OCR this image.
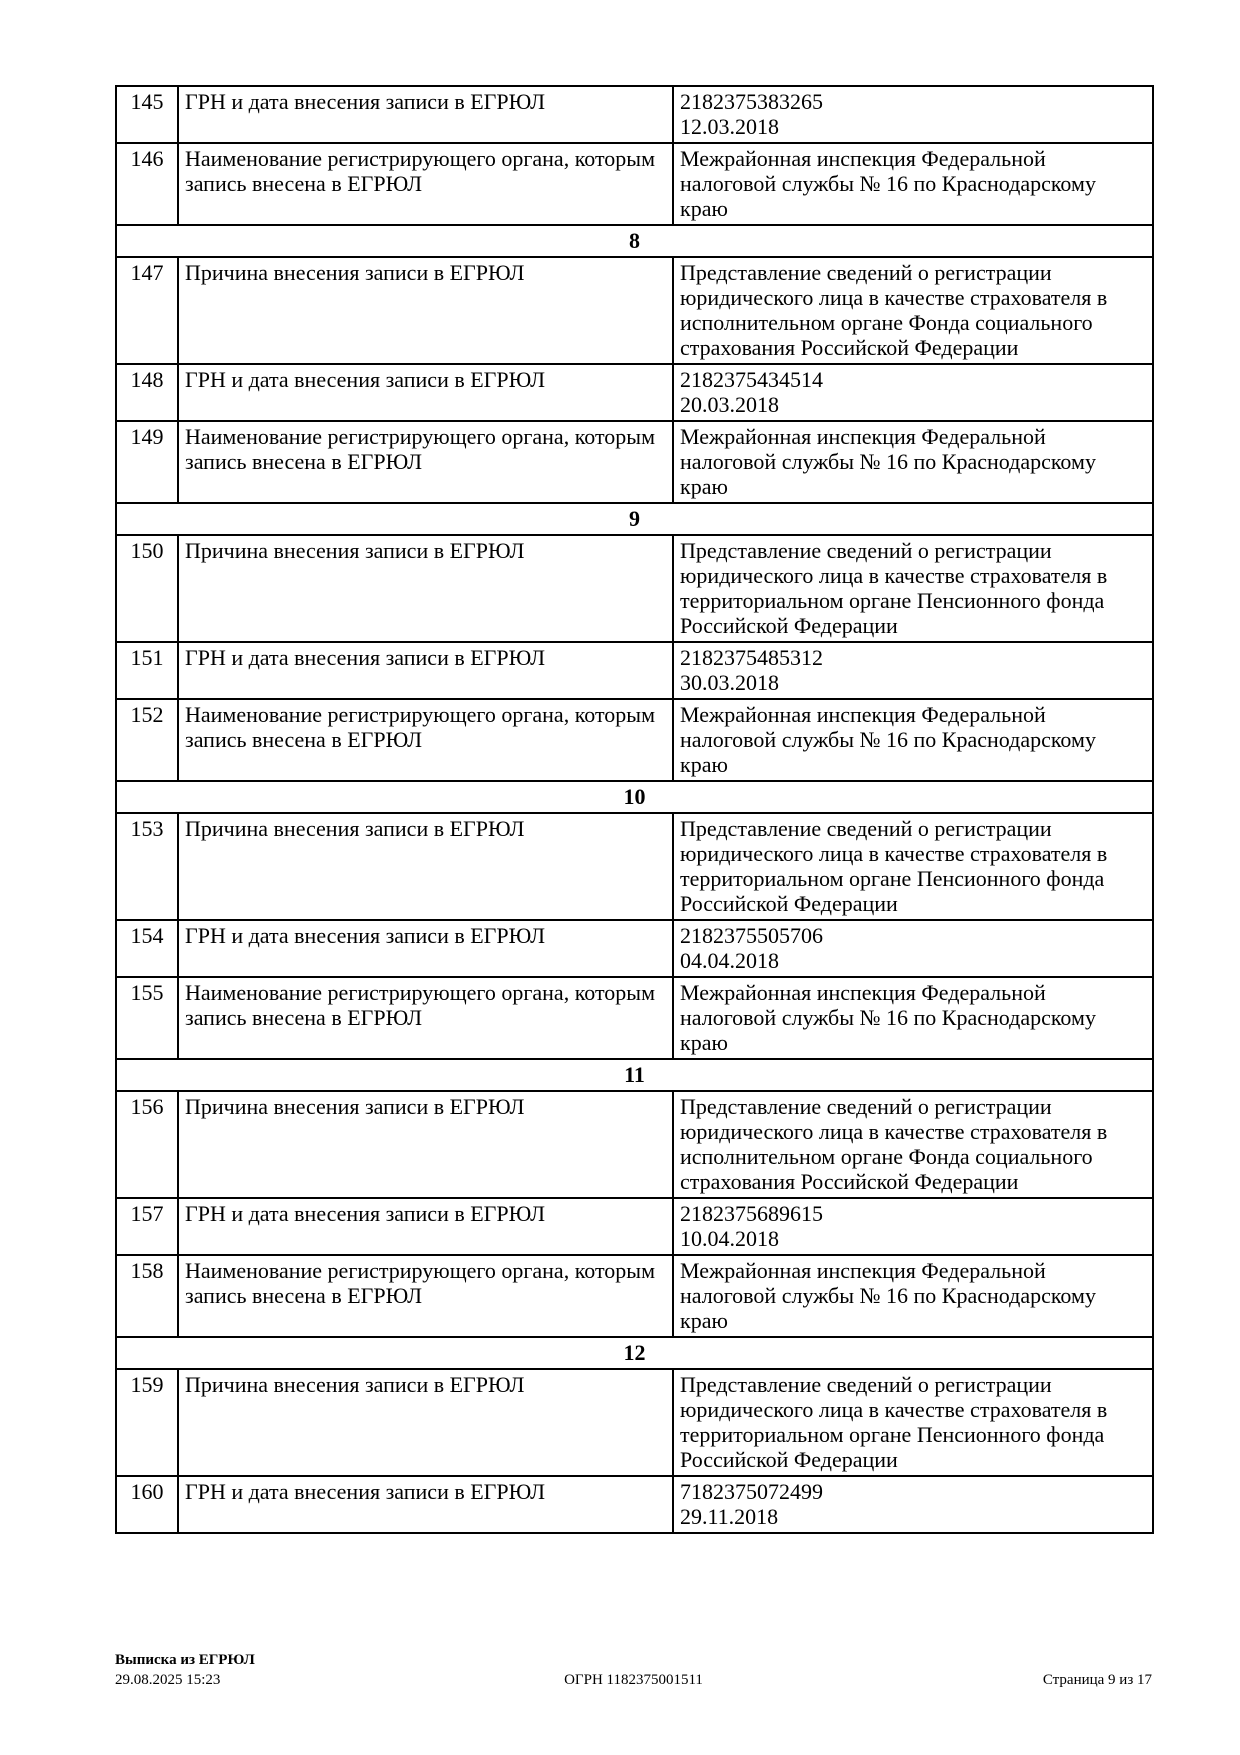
145	ГРН и дата внесения записи в ЕГРЮЛ	2182375383265
12.03.2018

146	Наименование регистрирующего органа, которым запись внесена в ЕГРЮЛ	Межрайонная инспекция Федеральной налоговой службы № 16 по Краснодарскому краю

8		
147	Причина внесения записи в ЕГРЮЛ	Представление сведений о регистрации юридического лица в качестве страхователя в исполнительном органе Фонда социального страхования Российской Федерации

148	ГРН и дата внесения записи в ЕГРЮЛ	2182375434514
20.03.2018

149	Наименование регистрирующего органа, которым запись внесена в ЕГРЮЛ	Межрайонная инспекция Федеральной налоговой службы № 16 по Краснодарскому краю

9		
150	Причина внесения записи в ЕГРЮЛ	Представление сведений о регистрации юридического лица в качестве страхователя в территориальном органе Пенсионного фонда Российской Федерации

151	ГРН и дата внесения записи в ЕГРЮЛ	2182375485312
30.03.2018

152	Наименование регистрирующего органа, которым запись внесена в ЕГРЮЛ	Межрайонная инспекция Федеральной налоговой службы № 16 по Краснодарскому краю

10		
153	Причина внесения записи в ЕГРЮЛ	Представление сведений о регистрации юридического лица в качестве страхователя в территориальном органе Пенсионного фонда Российской Федерации

154	ГРН и дата внесения записи в ЕГРЮЛ	2182375505706
04.04.2018

155	Наименование регистрирующего органа, которым запись внесена в ЕГРЮЛ	Межрайонная инспекция Федеральной налоговой службы № 16 по Краснодарскому краю

11		
156	Причина внесения записи в ЕГРЮЛ	Представление сведений о регистрации юридического лица в качестве страхователя в исполнительном органе Фонда социального страхования Российской Федерации

157	ГРН и дата внесения записи в ЕГРЮЛ	2182375689615
10.04.2018

158	Наименование регистрирующего органа, которым запись внесена в ЕГРЮЛ	Межрайонная инспекция Федеральной налоговой службы № 16 по Краснодарскому краю

12		
159	Причина внесения записи в ЕГРЮЛ	Представление сведений о регистрации юридического лица в качестве страхователя в территориальном органе Пенсионного фонда Российской Федерации

160	ГРН и дата внесения записи в ЕГРЮЛ	7182375072499
29.11.2018
Выписка из ЕГРЮЛ
29.08.2025 15:23	ОГРН 1182375001511	Страница 9 из 17
